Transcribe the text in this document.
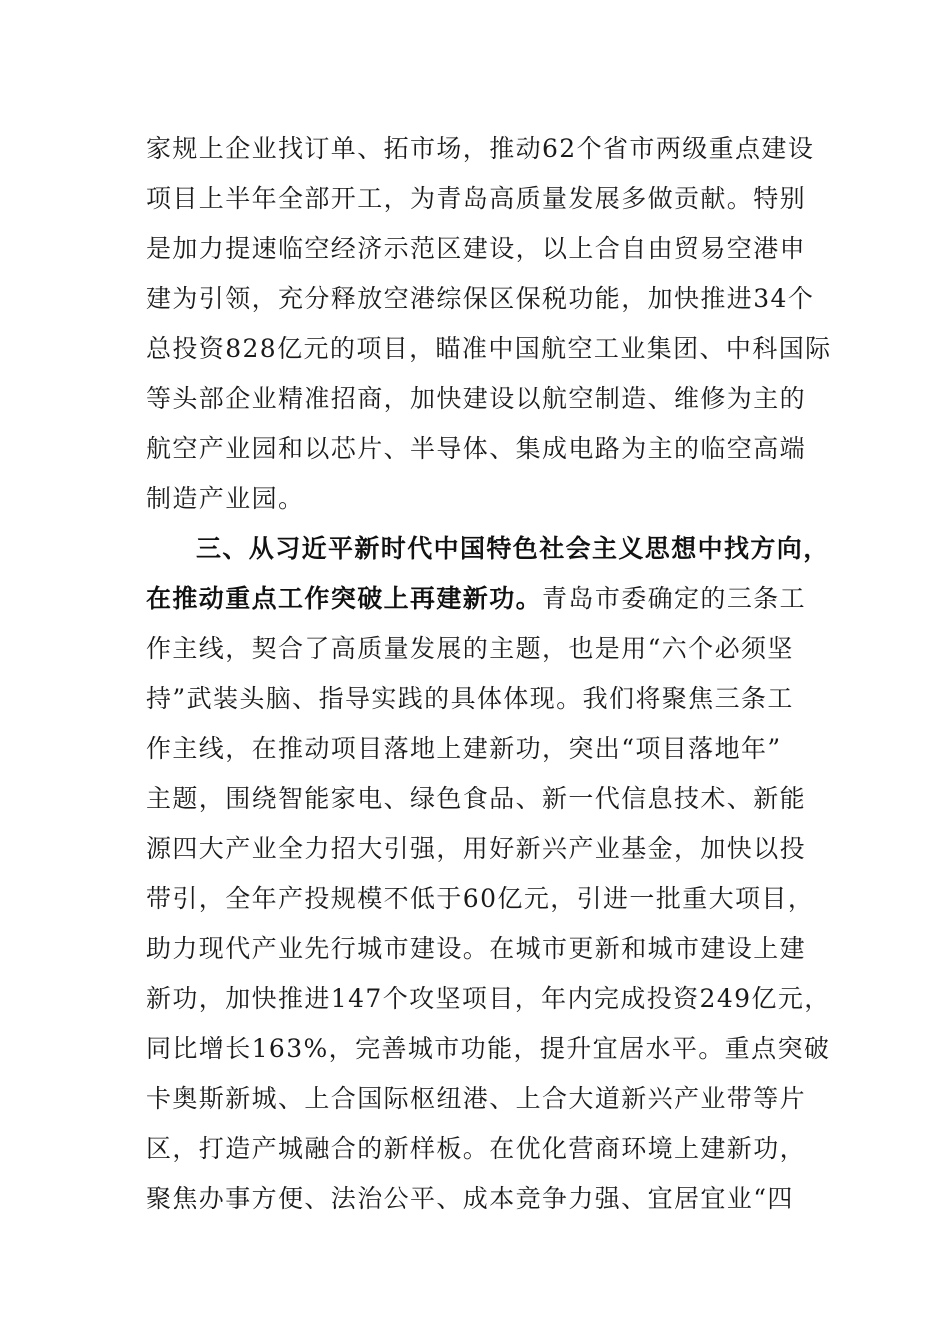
家规上企业找订单、拓市场，推动62个省市两级重点建设
项目上半年全部开工，为青岛高质量发展多做贡献。特别
是加力提速临空经济示范区建设，以上合自由贸易空港申
建为引领，充分释放空港综保区保税功能，加快推进34个
总投资828亿元的项目，瞄准中国航空工业集团、中科国际
等头部企业精准招商，加快建设以航空制造、维修为主的
航空产业园和以芯片、半导体、集成电路为主的临空高端
制造产业园。
三、从习近平新时代中国特色社会主义思想中找方向，
在推动重点工作突破上再建新功。青岛市委确定的三条工
作主线，契合了高质量发展的主题，也是用“六个必须坚
持”武装头脑、指导实践的具体体现。我们将聚焦三条工
作主线，在推动项目落地上建新功，突出“项目落地年”
主题，围绕智能家电、绿色食品、新一代信息技术、新能
源四大产业全力招大引强，用好新兴产业基金，加快以投
带引，全年产投规模不低于60亿元，引进一批重大项目，
助力现代产业先行城市建设。在城市更新和城市建设上建
新功，加快推进147个攻坚项目，年内完成投资249亿元，
同比增长163%，完善城市功能，提升宜居水平。重点突破
卡奥斯新城、上合国际枢纽港、上合大道新兴产业带等片
区，打造产城融合的新样板。在优化营商环境上建新功，
聚焦办事方便、法治公平、成本竞争力强、宜居宜业“四
